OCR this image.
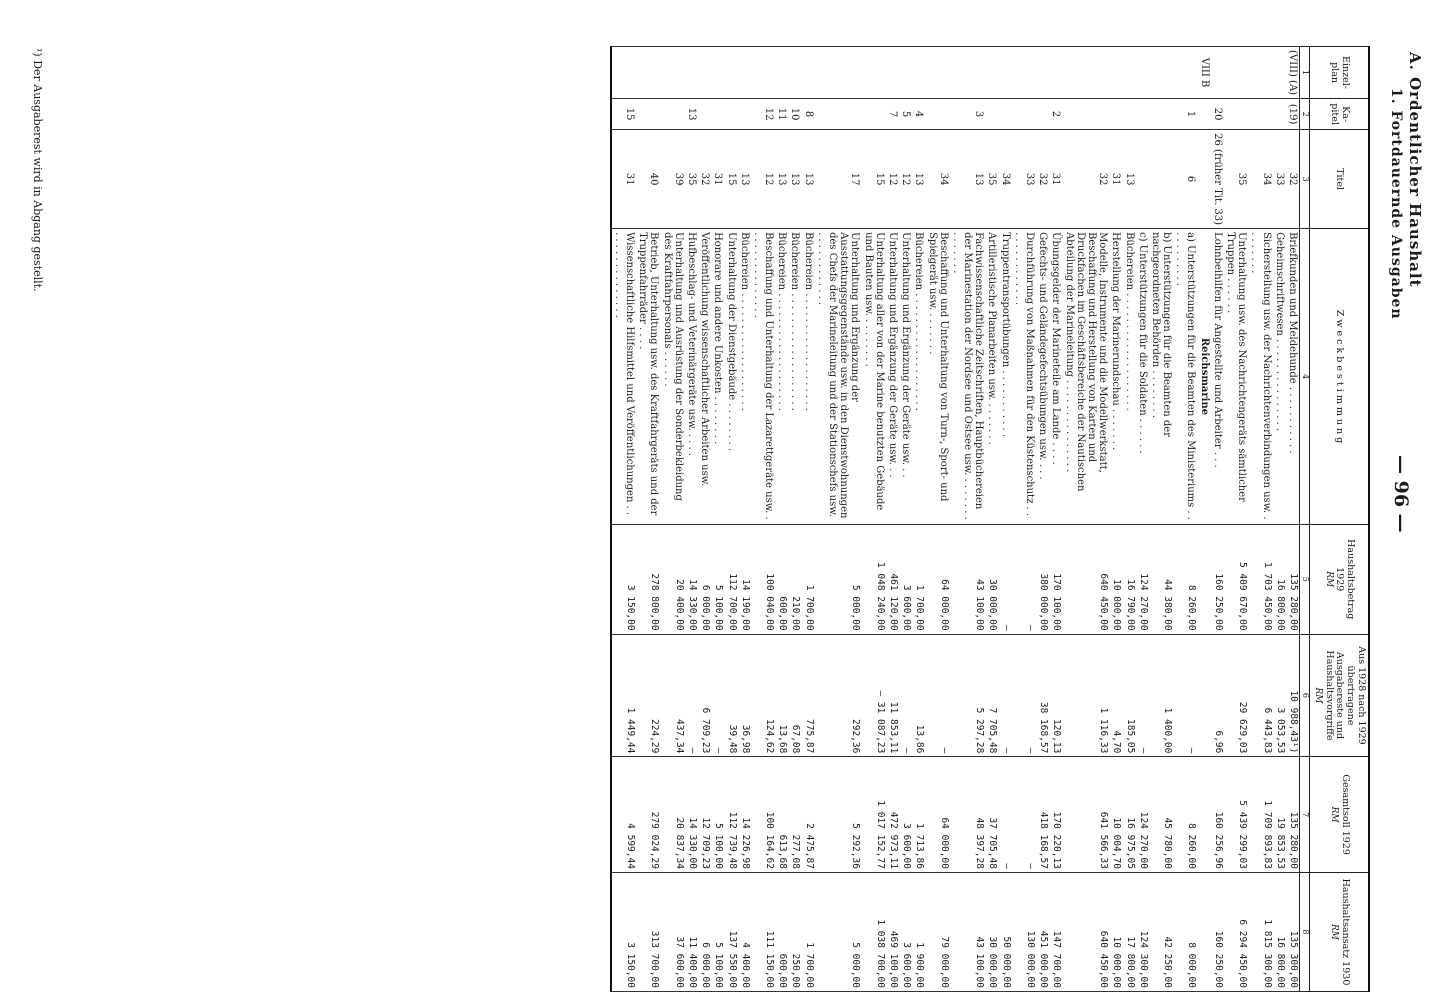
A. Ordentlicher Haushalt
1. Fortdauernde Ausgaben
— 96 —
Einzel-plan	Ka-pitel	Titel	Z w e c k b e s t i m m u n g	Haushaltsbetrag 1929
RM	Aus 1928 nach 1929 übertragene Ausgabereste und Haushaltsvorgriffe
RM	Gesamtsoll 1929
RM	Haushaltsansatz 1930
RM
1	2	3	4	5	6	7	8
(VIII) (A)	(19)	32	Briefkunden und Meldehunde . . . . . . . . . . .	135 280,00	10 988,43¹)	135 280,00	135 300,00
		33	Geheimschriftwesen . . . . . . . . . . . . . . .	16 800,00	3 053,53	19 853,53	16 800,00
		34	Sicherstellung usw. der Nachrichtenverbindungen usw. . . . . . . . .	1 703 450,00	6 443,83	1 709 893,83	1 815 300,00
		35	Unterhaltung usw. des Nachrichtengeräts sämtlicher Truppen . . . . . .	5 409 670,00	29 629,03	5 439 299,03	6 294 450,00
	20	26 (früher Tit. 33)	Lohnbeihilfen für Angestellte und Arbeiter . . .	160 250,00	6,96	160 256,96	160 250,00
VIII B			Reichsmarine				
	1	6	a) Unterstützungen für die Beamten des Ministeriums . . . . . . . . . . .	8 260,00	—	8 260,00	8 000,00
			b) Unterstützungen für die Beamten der nachgeordneten Behörden . . . . . . . .	44 380,00	1 400,00	45 780,00	42 250,00
			c) Unterstützungen für die Soldaten . . . . . .	124 270,00	—	124 270,00	124 300,00
		13	Büchereien . . . . . . . . . . . . . . . . . . .	16 790,00	185,05	16 975,05	17 800,00
		31	Herstellung der Marinerundschau . . . . . . .	10 000,00	4,70	10 004,70	10 000,00
		32	Modelle, Instrumente und die Modellwerkstatt, Beschaffung und Herstellung von Karten und Druckfachen im Geschäftsbereiche der Nautischen Abteilung der Marineleitung . . . . . . . . . . . . . . .	640 450,00	1 116,33	641 566,33	640 450,00
	2	31	Übungsgelder der Marineteile am Lande . . . .	170 100,00	120,13	170 220,13	147 700,00
		32	Gefechts- und Geländegefechtsübungen usw. . . .	380 000,00	38 168,57	418 168,57	451 000,00
		33	Durchführung von Maßnahmen für den Küstenschutz . . . . . . . . . . . . . .	—	—	—	130 000,00
		34	Truppentransportübungen . . . . . . . . . . .	—	—	—	50 000,00
		35	Artilleristische Planarbeiten usw. . . . . . . .	30 000,00	7 705,48	37 705,48	30 000,00
	3	13	Fachwissenschaftliche Zeitschriften, Hauptbüchereien der Marinestation der Nordsee und Ostsee usw. . . . . . . . . . . . . . .	43 100,00	5 297,28	48 397,28	43 100,00
		34	Beschaffung und Unterhaltung von Turn-, Sport- und Spielgerät usw. . . . . . . .	64 000,00	—	64 000,00	79 000,00
	4	13	Büchereien . . . . . . . . . . . . . . . . . . .	1 700,00	13,86	1 713,86	1 900,00
	5	12	Unterhaltung und Ergänzung der Geräte usw. . .	3 600,00	—	3 600,00	3 600,00
	7	12	Unterhaltung und Ergänzung der Geräte usw. . .	461 120,00	11 853,11	472 973,11	469 100,00
		15	Unterhaltung aller von der Marine benutzten Gebäude und Bauten usw. . . . . . . . .	1 048 240,00	— 31 087,23	1 017 152,77	1 038 700,00
		17	Unterhaltung und Ergänzung der Ausstattungsgegenstände usw. in den Dienstwohnungen des Chefs der Marineleitung und der Stationschefs usw. . . . . . . . . . . . .	5 000,00	292,36	5 292,36	5 000,00
	8	13	Büchereien . . . . . . . . . . . . . . . . . . .	1 700,00	775,87	2 475,87	1 700,00
	10	13	Büchereien . . . . . . . . . . . . . . . . . . .	210,00	67,08	277,08	250,00
	11	13	Büchereien . . . . . . . . . . . . . . . . . . .	600,00	13,68	613,68	600,00
	12	12	Beschaffung und Unterhaltung der Lazarettgeräte usw. . . . . . . . . . . . . . . .	100 040,00	124,62	100 164,62	111 150,00
		13	Büchereien . . . . . . . . . . . . . . . . . . .	14 190,00	36,98	14 226,98	4 400,00
		15	Unterhaltung der Dienstgebäude . . . . . . . .	112 700,00	39,48	112 739,48	137 550,00
		31	Honorare und andere Unkosten . . . . . . . .	5 100,00	—	5 100,00	5 100,00
		32	Veröffentlichung wissenschaftlicher Arbeiten usw.	6 000,00	6 709,23	12 709,23	6 000,00
	13	35	Hufbeschlag- und Veterinärgeräte usw. . . . .	14 330,00	—	14 330,00	11 400,00
		39	Unterhaltung und Ausrüstung der Sonderbekleidung des Kraftfahrpersonals . . . . . .	20 400,00	437,34	20 837,34	37 600,00
		40	Betrieb, Unterhaltung usw. des Kraftfahrgeräts und der Truppenfahrräder . . . .	278 800,00	224,29	279 024,29	313 700,00
	15	31	Wissenschaftliche Hilfsmittel und Veröffentlichungen . . . . . . . . . . . . . . . .	3 150,00	1 449,44	4 599,44	3 150,00
¹) Der Ausgaberest wird in Abgang gestellt.
